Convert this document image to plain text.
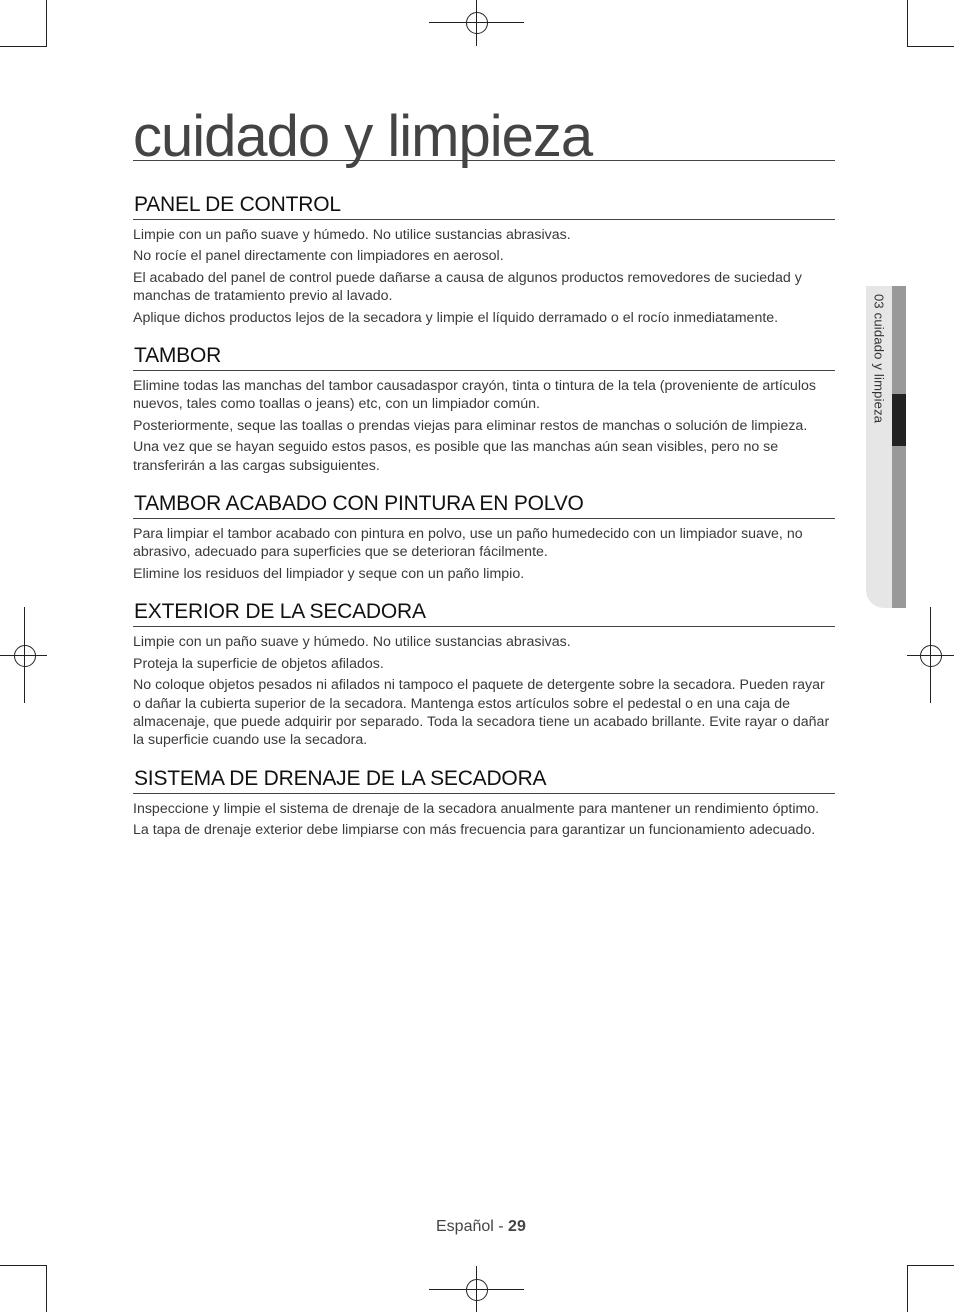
cuidado y limpieza
03 cuidado y limpieza
PANEL DE CONTROL

Limpie con un paño suave y húmedo. No utilice sustancias abrasivas.

No rocíe el panel directamente con limpiadores en aerosol.

El acabado del panel de control puede dañarse a causa de algunos productos removedores de suciedad y manchas de tratamiento previo al lavado.

Aplique dichos productos lejos de la secadora y limpie el líquido derramado o el rocío inmediatamente.

TAMBOR

Elimine todas las manchas del tambor causadaspor crayón, tinta o tintura de la tela (proveniente de artículos nuevos, tales como toallas o jeans) etc, con un limpiador común.

Posteriormente, seque las toallas o prendas viejas para eliminar restos de manchas o solución de limpieza.

Una vez que se hayan seguido estos pasos, es posible que las manchas aún sean visibles, pero no se transferirán a las cargas subsiguientes.

TAMBOR ACABADO CON PINTURA EN POLVO

Para limpiar el tambor acabado con pintura en polvo, use un paño humedecido con un limpiador suave, no abrasivo, adecuado para superficies que se deterioran fácilmente.

Elimine los residuos del limpiador y seque con un paño limpio.

EXTERIOR DE LA SECADORA

Limpie con un paño suave y húmedo. No utilice sustancias abrasivas.

Proteja la superficie de objetos afilados.

No coloque objetos pesados ni afilados ni tampoco el paquete de detergente sobre la secadora. Pueden rayar o dañar la cubierta superior de la secadora. Mantenga estos artículos sobre el pedestal o en una caja de almacenaje, que puede adquirir por separado. Toda la secadora tiene un acabado brillante. Evite rayar o dañar la superficie cuando use la secadora.

SISTEMA DE DRENAJE DE LA SECADORA

Inspeccione y limpie el sistema de drenaje de la secadora anualmente para mantener un rendimiento óptimo.

La tapa de drenaje exterior debe limpiarse con más frecuencia para garantizar un funcionamiento adecuado.

Español - 29
